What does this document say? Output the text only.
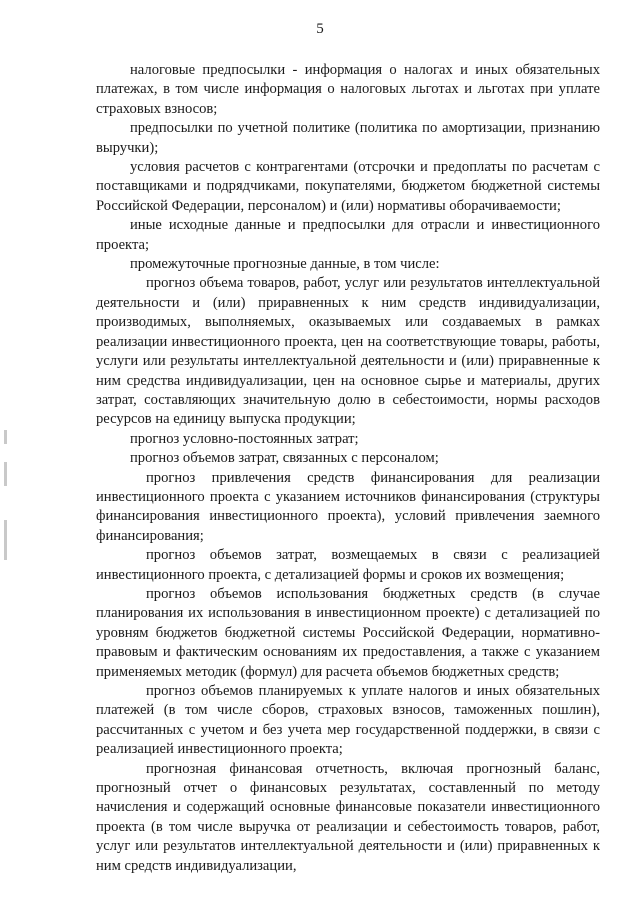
5

налоговые предпосылки - информация о налогах и иных обязательных платежах, в том числе информация о налоговых льготах и льготах при уплате страховых взносов;

предпосылки по учетной политике (политика по амортизации, признанию выручки);

условия расчетов с контрагентами (отсрочки и предоплаты по расчетам с поставщиками и подрядчиками, покупателями, бюджетом бюджетной системы Российской Федерации, персоналом) и (или) нормативы оборачиваемости;

иные исходные данные и предпосылки для отрасли и инвестиционного проекта;

промежуточные прогнозные данные, в том числе:

прогноз объема товаров, работ, услуг или результатов интеллектуальной деятельности и (или) приравненных к ним средств индивидуализации, производимых, выполняемых, оказываемых или создаваемых в рамках реализации инвестиционного проекта, цен на соответствующие товары, работы, услуги или результаты интеллектуальной деятельности и (или) приравненные к ним средства индивидуализации, цен на основное сырье и материалы, других затрат, составляющих значительную долю в себестоимости, нормы расходов ресурсов на единицу выпуска продукции;

прогноз условно-постоянных затрат;

прогноз объемов затрат, связанных с персоналом;

прогноз привлечения средств финансирования для реализации инвестиционного проекта с указанием источников финансирования (структуры финансирования инвестиционного проекта), условий привлечения заемного финансирования;

прогноз объемов затрат, возмещаемых в связи с реализацией инвестиционного проекта, с детализацией формы и сроков их возмещения;

прогноз объемов использования бюджетных средств (в случае планирования их использования в инвестиционном проекте) с детализацией по уровням бюджетов бюджетной системы Российской Федерации, нормативно-правовым и фактическим основаниям их предоставления, а также с указанием применяемых методик (формул) для расчета объемов бюджетных средств;

прогноз объемов планируемых к уплате налогов и иных обязательных платежей (в том числе сборов, страховых взносов, таможенных пошлин), рассчитанных с учетом и без учета мер государственной поддержки, в связи с реализацией инвестиционного проекта;

прогнозная финансовая отчетность, включая прогнозный баланс, прогнозный отчет о финансовых результатах, составленный по методу начисления и содержащий основные финансовые показатели инвестиционного проекта (в том числе выручка от реализации и себестоимость товаров, работ, услуг или результатов интеллектуальной деятельности и (или) приравненных к ним средств индивидуализации,
